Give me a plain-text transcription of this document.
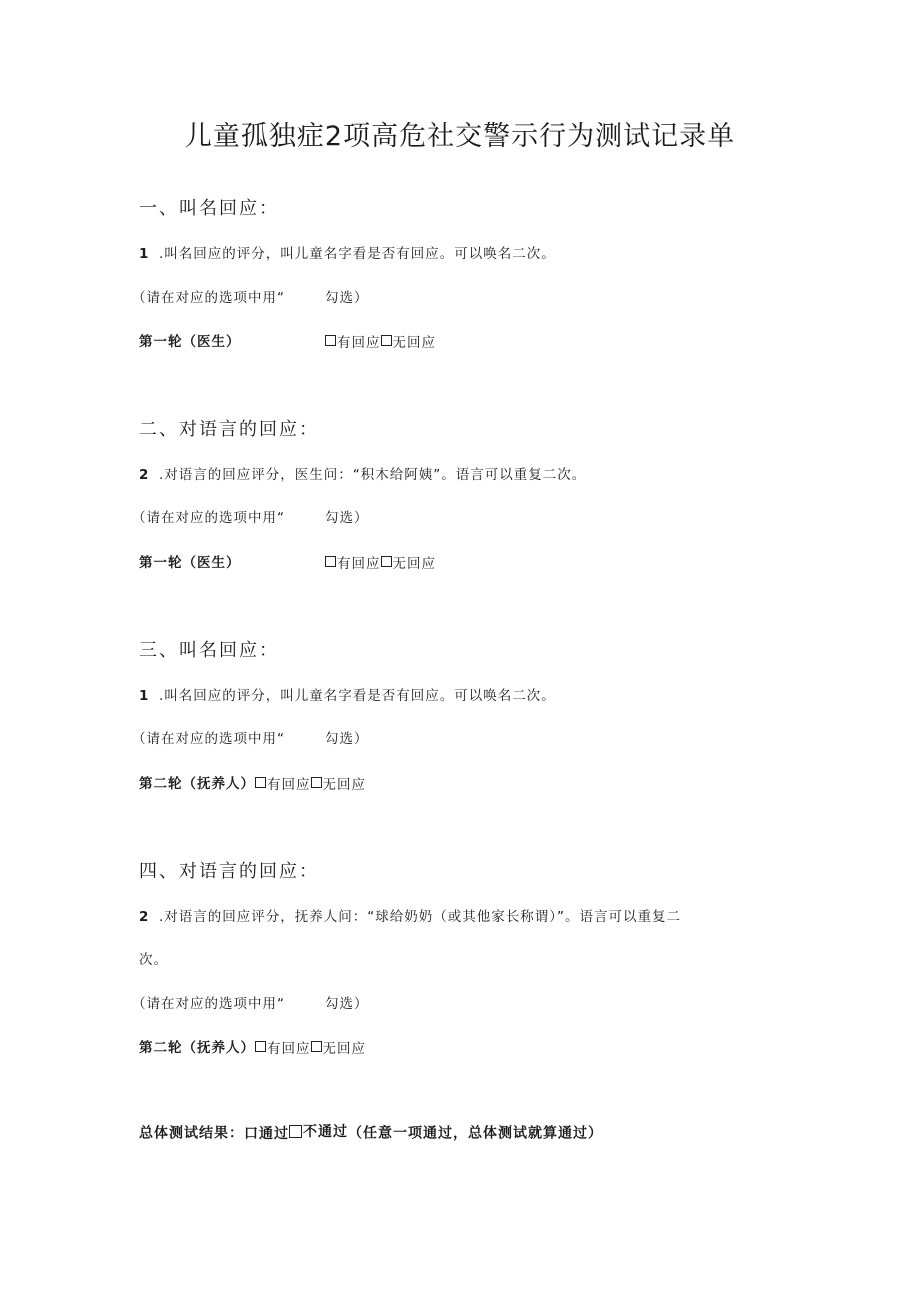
儿童孤独症2项高危社交警示行为测试记录单
一、叫名回应：
1 .叫名回应的评分，叫儿童名字看是否有回应。可以唤名二次。
（请在对应的选项中用“	勾选）
第一轮（医生）	有回应 无回应
二、对语言的回应：
2 .对语言的回应评分，医生问：“积木给阿姨”。语言可以重复二次。
（请在对应的选项中用“	勾选）
第一轮（医生）	有回应 无回应
三、叫名回应：
1 .叫名回应的评分，叫儿童名字看是否有回应。可以唤名二次。
（请在对应的选项中用“	勾选）
第二轮（抚养人） 有回应 无回应
四、对语言的回应：
2 .对语言的回应评分，抚养人问：“球给奶奶（或其他家长称谓）”。语言可以重复二
次。
（请在对应的选项中用“	勾选）
第二轮（抚养人） 有回应 无回应
总体测试结果： 口 通过 不通过 （任意一项通过，总体测试就算通过）
